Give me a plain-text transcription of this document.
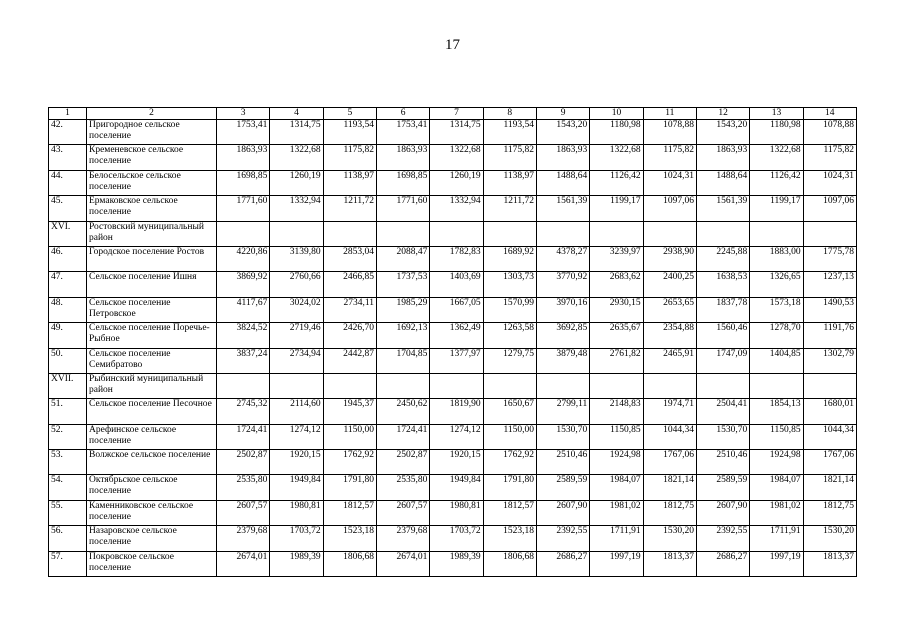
17
1	2	3	4	5	6	7	8	9	10	11	12	13	14
42.	Пригородное сельское поселение	1753,41	1314,75	1193,54	1753,41	1314,75	1193,54	1543,20	1180,98	1078,88	1543,20	1180,98	1078,88
43.	Кременевское сельское поселение	1863,93	1322,68	1175,82	1863,93	1322,68	1175,82	1863,93	1322,68	1175,82	1863,93	1322,68	1175,82
44.	Белосельское сельское поселение	1698,85	1260,19	1138,97	1698,85	1260,19	1138,97	1488,64	1126,42	1024,31	1488,64	1126,42	1024,31
45.	Ермаковское сельское поселение	1771,60	1332,94	1211,72	1771,60	1332,94	1211,72	1561,39	1199,17	1097,06	1561,39	1199,17	1097,06
XVI.	Ростовский муниципальный район												
46.	Городское поселение Ростов	4220,86	3139,80	2853,04	2088,47	1782,83	1689,92	4378,27	3239,97	2938,90	2245,88	1883,00	1775,78
47.	Сельское поселение Ишня	3869,92	2760,66	2466,85	1737,53	1403,69	1303,73	3770,92	2683,62	2400,25	1638,53	1326,65	1237,13
48.	Сельское поселение Петровское	4117,67	3024,02	2734,11	1985,29	1667,05	1570,99	3970,16	2930,15	2653,65	1837,78	1573,18	1490,53
49.	Сельское поселение Поречье-Рыбное	3824,52	2719,46	2426,70	1692,13	1362,49	1263,58	3692,85	2635,67	2354,88	1560,46	1278,70	1191,76
50.	Сельское поселение Семибратово	3837,24	2734,94	2442,87	1704,85	1377,97	1279,75	3879,48	2761,82	2465,91	1747,09	1404,85	1302,79
XVII.	Рыбинский муниципальный район												
51.	Сельское поселение Песочное	2745,32	2114,60	1945,37	2450,62	1819,90	1650,67	2799,11	2148,83	1974,71	2504,41	1854,13	1680,01
52.	Арефинское сельское поселение	1724,41	1274,12	1150,00	1724,41	1274,12	1150,00	1530,70	1150,85	1044,34	1530,70	1150,85	1044,34
53.	Волжское сельское поселение	2502,87	1920,15	1762,92	2502,87	1920,15	1762,92	2510,46	1924,98	1767,06	2510,46	1924,98	1767,06
54.	Октябрьское сельское поселение	2535,80	1949,84	1791,80	2535,80	1949,84	1791,80	2589,59	1984,07	1821,14	2589,59	1984,07	1821,14
55.	Каменниковское сельское поселение	2607,57	1980,81	1812,57	2607,57	1980,81	1812,57	2607,90	1981,02	1812,75	2607,90	1981,02	1812,75
56.	Назаровское сельское поселение	2379,68	1703,72	1523,18	2379,68	1703,72	1523,18	2392,55	1711,91	1530,20	2392,55	1711,91	1530,20
57.	Покровское сельское поселение	2674,01	1989,39	1806,68	2674,01	1989,39	1806,68	2686,27	1997,19	1813,37	2686,27	1997,19	1813,37
